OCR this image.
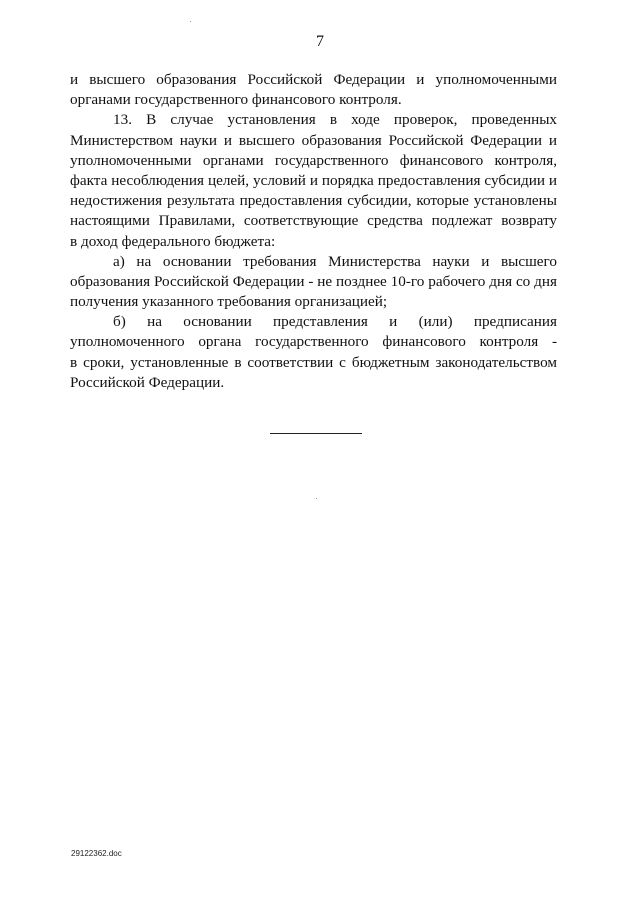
7
и высшего образования Российской Федерации и уполномоченными
органами государственного финансового контроля.
13. В случае установления в ходе проверок, проведенных
Министерством науки и высшего образования Российской Федерации и
уполномоченными органами государственного финансового контроля,
факта несоблюдения целей, условий и порядка предоставления субсидии и
недостижения результата предоставления субсидии, которые установлены
настоящими Правилами, соответствующие средства подлежат возврату
в доход федерального бюджета:
а) на основании требования Министерства науки и высшего
образования Российской Федерации - не позднее 10-го рабочего дня со дня
получения указанного требования организацией;
б) на основании представления и (или) предписания
уполномоченного органа государственного финансового контроля -
в сроки, установленные в соответствии с бюджетным законодательством
Российской Федерации.
29122362.doc
